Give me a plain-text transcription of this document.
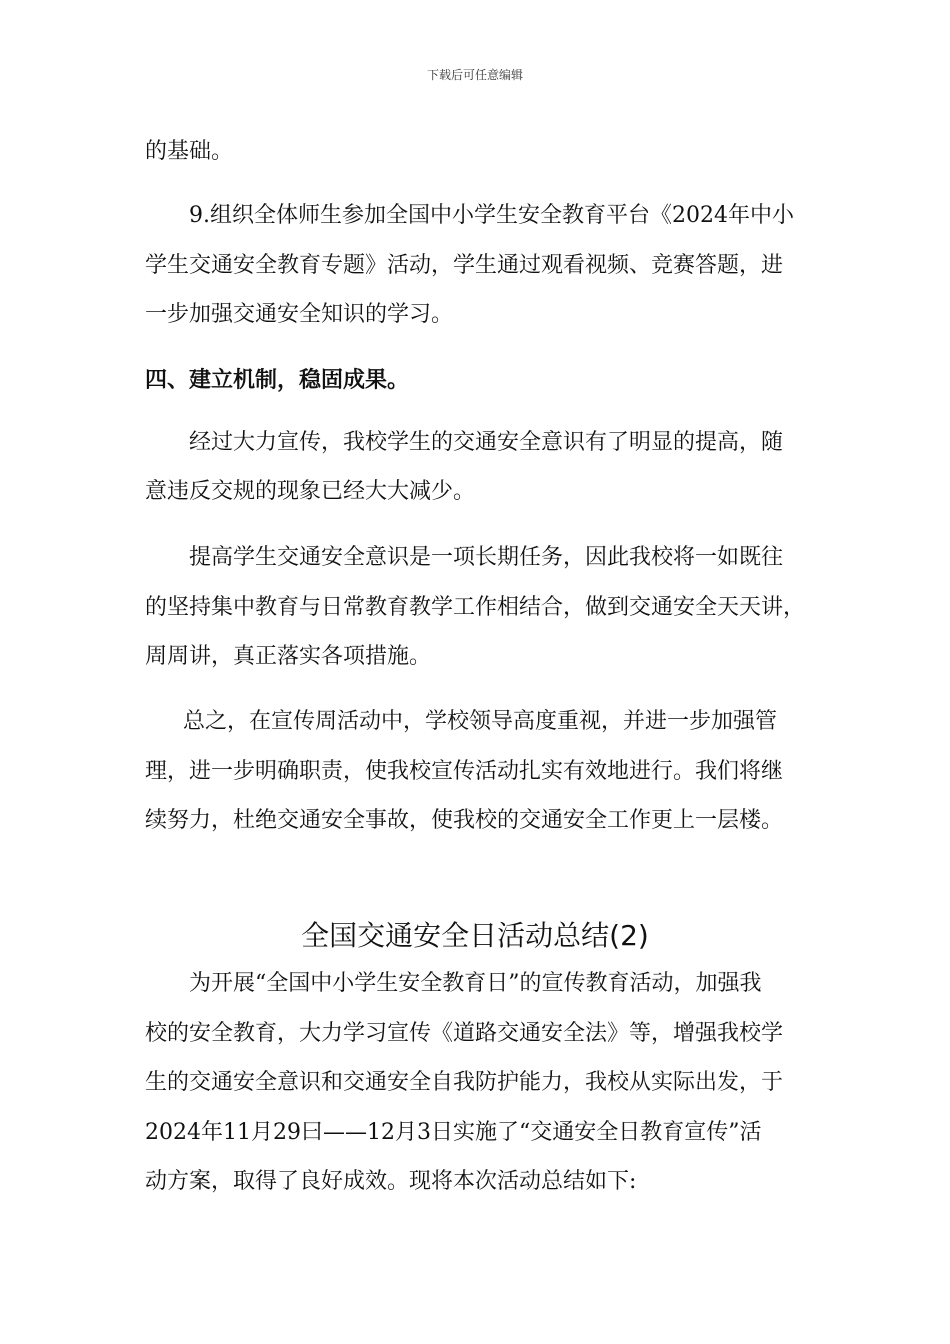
下载后可任意编辑
的基础。
9.组织全体师生参加全国中小学生安全教育平台《2024年中小
学生交通安全教育专题》活动，学生通过观看视频、竞赛答题，进
一步加强交通安全知识的学习。
四、建立机制，稳固成果。
经过大力宣传，我校学生的交通安全意识有了明显的提高，随
意违反交规的现象已经大大减少。
提高学生交通安全意识是一项长期任务，因此我校将一如既往
的坚持集中教育与日常教育教学工作相结合，做到交通安全天天讲，
周周讲，真正落实各项措施。
总之，在宣传周活动中，学校领导高度重视，并进一步加强管
理，进一步明确职责，使我校宣传活动扎实有效地进行。我们将继
续努力，杜绝交通安全事故，使我校的交通安全工作更上一层楼。
全国交通安全日活动总结(2)
为开展“全国中小学生安全教育日”的宣传教育活动，加强我
校的安全教育，大力学习宣传《道路交通安全法》等，增强我校学
生的交通安全意识和交通安全自我防护能力，我校从实际出发，于
2024年11月29曰——12月3日实施了“交通安全日教育宣传”活
动方案，取得了良好成效。现将本次活动总结如下:
